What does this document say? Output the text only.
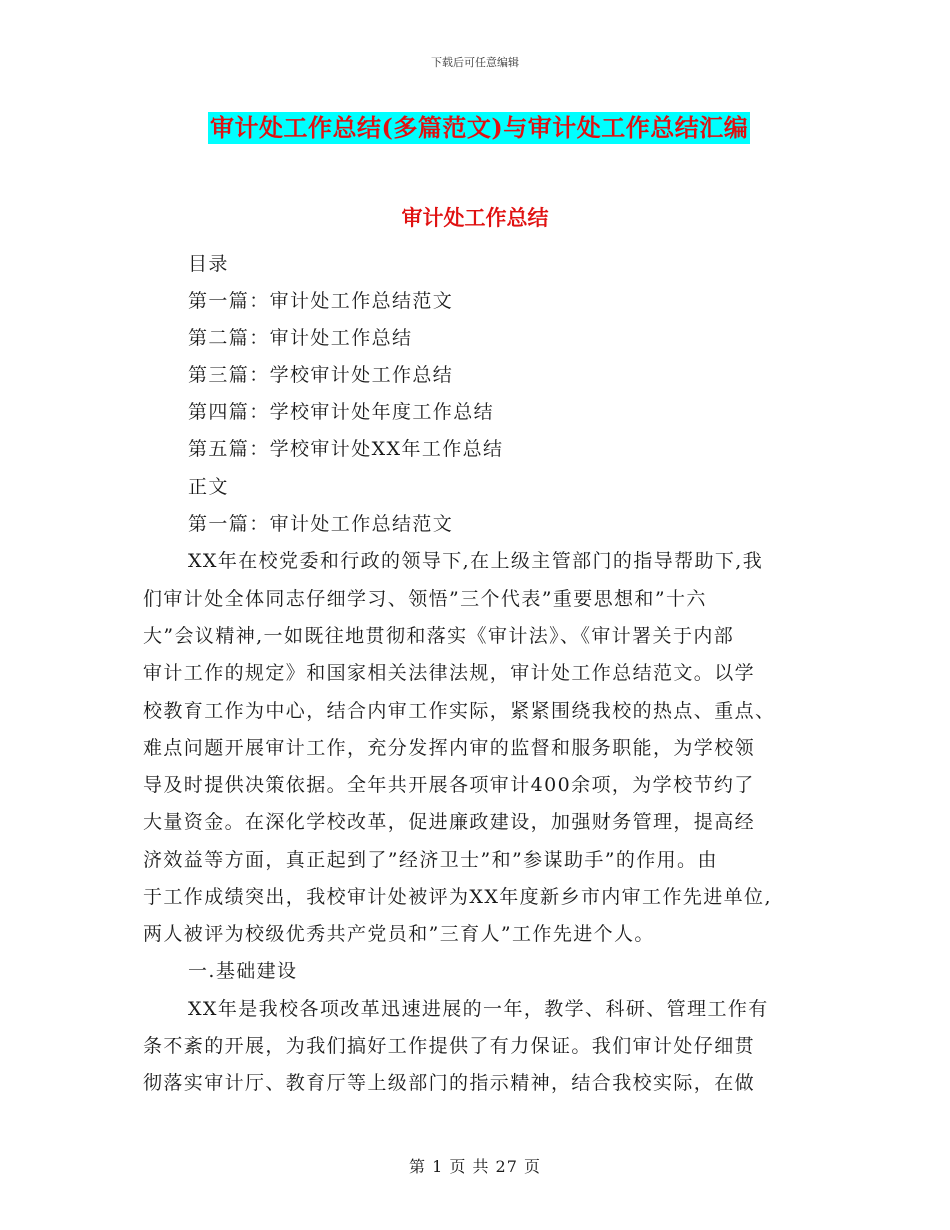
下载后可任意编辑
审计处工作总结(多篇范文)与审计处工作总结汇编
审计处工作总结
目录
第一篇：审计处工作总结范文
第二篇：审计处工作总结
第三篇：学校审计处工作总结
第四篇：学校审计处年度工作总结
第五篇：学校审计处XX年工作总结
正文
第一篇：审计处工作总结范文
XX年在校党委和行政的领导下,在上级主管部门的指导帮助下,我
们审计处全体同志仔细学习、领悟”三个代表”重要思想和”十六
大”会议精神,一如既往地贯彻和落实《审计法》、《审计署关于内部
审计工作的规定》和国家相关法律法规，审计处工作总结范文。以学
校教育工作为中心，结合内审工作实际，紧紧围绕我校的热点、重点、
难点问题开展审计工作，充分发挥内审的监督和服务职能，为学校领
导及时提供决策依据。全年共开展各项审计400余项，为学校节约了
大量资金。在深化学校改革，促进廉政建设，加强财务管理，提高经
济效益等方面，真正起到了”经济卫士”和”参谋助手”的作用。由
于工作成绩突出，我校审计处被评为XX年度新乡市内审工作先进单位,
两人被评为校级优秀共产党员和”三育人”工作先进个人。
一.基础建设
XX年是我校各项改革迅速进展的一年，教学、科研、管理工作有
条不紊的开展，为我们搞好工作提供了有力保证。我们审计处仔细贯
彻落实审计厅、教育厅等上级部门的指示精神，结合我校实际，在做
第 1 页 共 27 页
